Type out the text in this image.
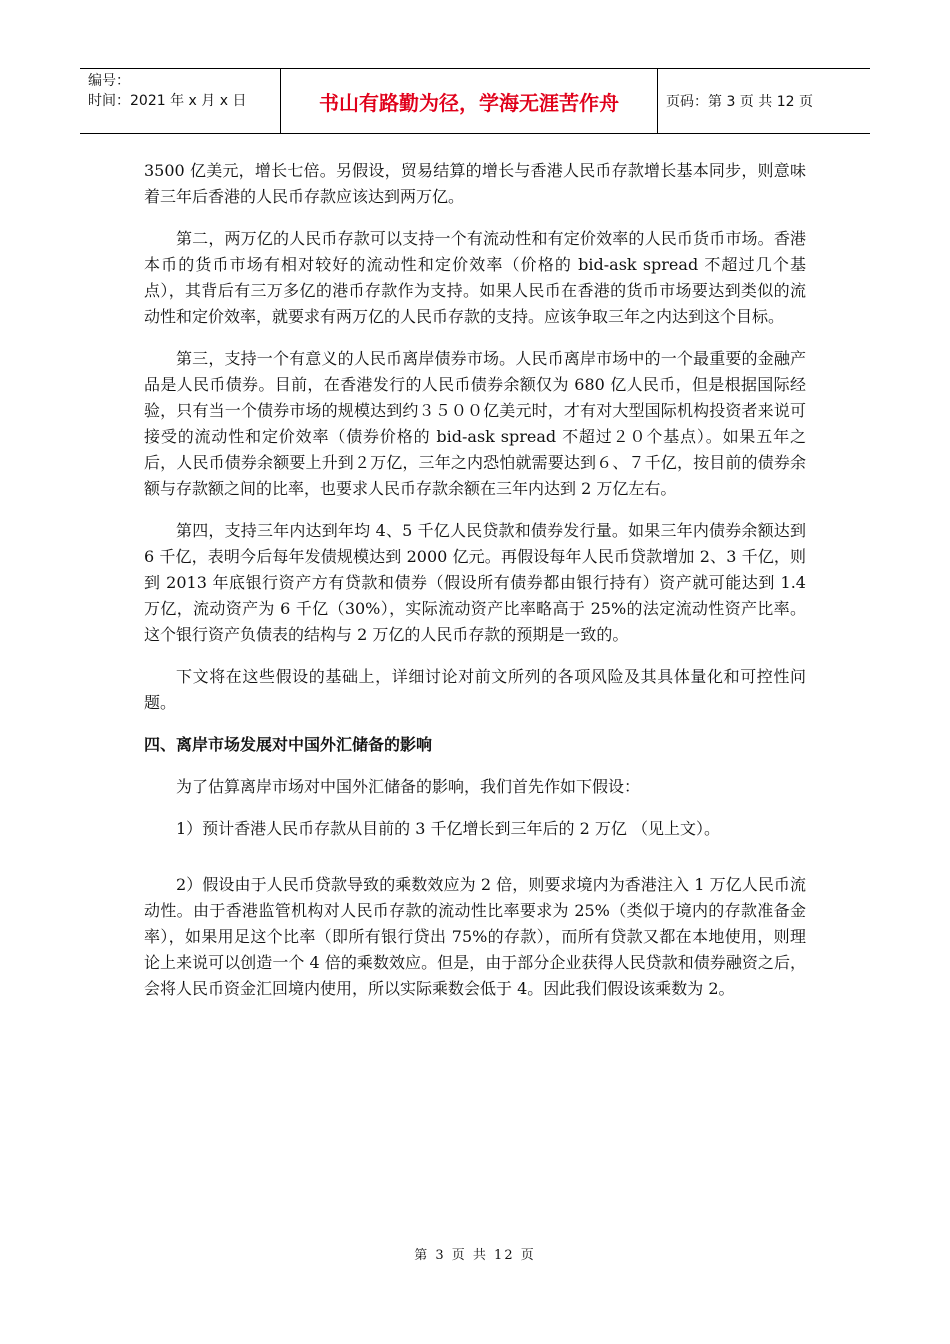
编号：
时间：2021 年 x 月 x 日	书山有路勤为径，学海无涯苦作舟	页码：第 3 页 共 12 页

3500 亿美元，增长七倍。另假设，贸易结算的增长与香港人民币存款增长基本同步，则意味着三年后香港的人民币存款应该达到两万亿。

第二，两万亿的人民币存款可以支持一个有流动性和有定价效率的人民币货币市场。香港本币的货币市场有相对较好的流动性和定价效率（价格的 bid-ask spread 不超过几个基点），其背后有三万多亿的港币存款作为支持。如果人民币在香港的货币市场要达到类似的流动性和定价效率，就要求有两万亿的人民币存款的支持。应该争取三年之内达到这个目标。

第三，支持一个有意义的人民币离岸债券市场。人民币离岸市场中的一个最重要的金融产品是人民币债券。目前，在香港发行的人民币债券余额仅为 680 亿人民币，但是根据国际经验，只有当一个债券市场的规模达到约３５００亿美元时，才有对大型国际机构投资者来说可接受的流动性和定价效率（债券价格的 bid-ask spread 不超过２０个基点）。如果五年之后，人民币债券余额要上升到２万亿，三年之内恐怕就需要达到６、７千亿，按目前的债券余额与存款额之间的比率，也要求人民币存款余额在三年内达到 2 万亿左右。

第四，支持三年内达到年均 4、5 千亿人民贷款和债券发行量。如果三年内债券余额达到 6 千亿，表明今后每年发债规模达到 2000 亿元。再假设每年人民币贷款增加 2、3 千亿，则到 2013 年底银行资产方有贷款和债券（假设所有债券都由银行持有）资产就可能达到 1.4 万亿，流动资产为 6 千亿（30%），实际流动资产比率略高于 25%的法定流动性资产比率。这个银行资产负债表的结构与 2 万亿的人民币存款的预期是一致的。

下文将在这些假设的基础上，详细讨论对前文所列的各项风险及其具体量化和可控性问题。

四、离岸市场发展对中国外汇储备的影响

为了估算离岸市场对中国外汇储备的影响，我们首先作如下假设：

1）预计香港人民币存款从目前的 3 千亿增长到三年后的 2 万亿 （见上文）。

2）假设由于人民币贷款导致的乘数效应为 2 倍，则要求境内为香港注入 1 万亿人民币流动性。由于香港监管机构对人民币存款的流动性比率要求为 25%（类似于境内的存款准备金率），如果用足这个比率（即所有银行贷出 75%的存款），而所有贷款又都在本地使用，则理论上来说可以创造一个 4 倍的乘数效应。但是，由于部分企业获得人民贷款和债券融资之后，会将人民币资金汇回境内使用，所以实际乘数会低于 4。因此我们假设该乘数为 2。

第 3 页 共 12 页
